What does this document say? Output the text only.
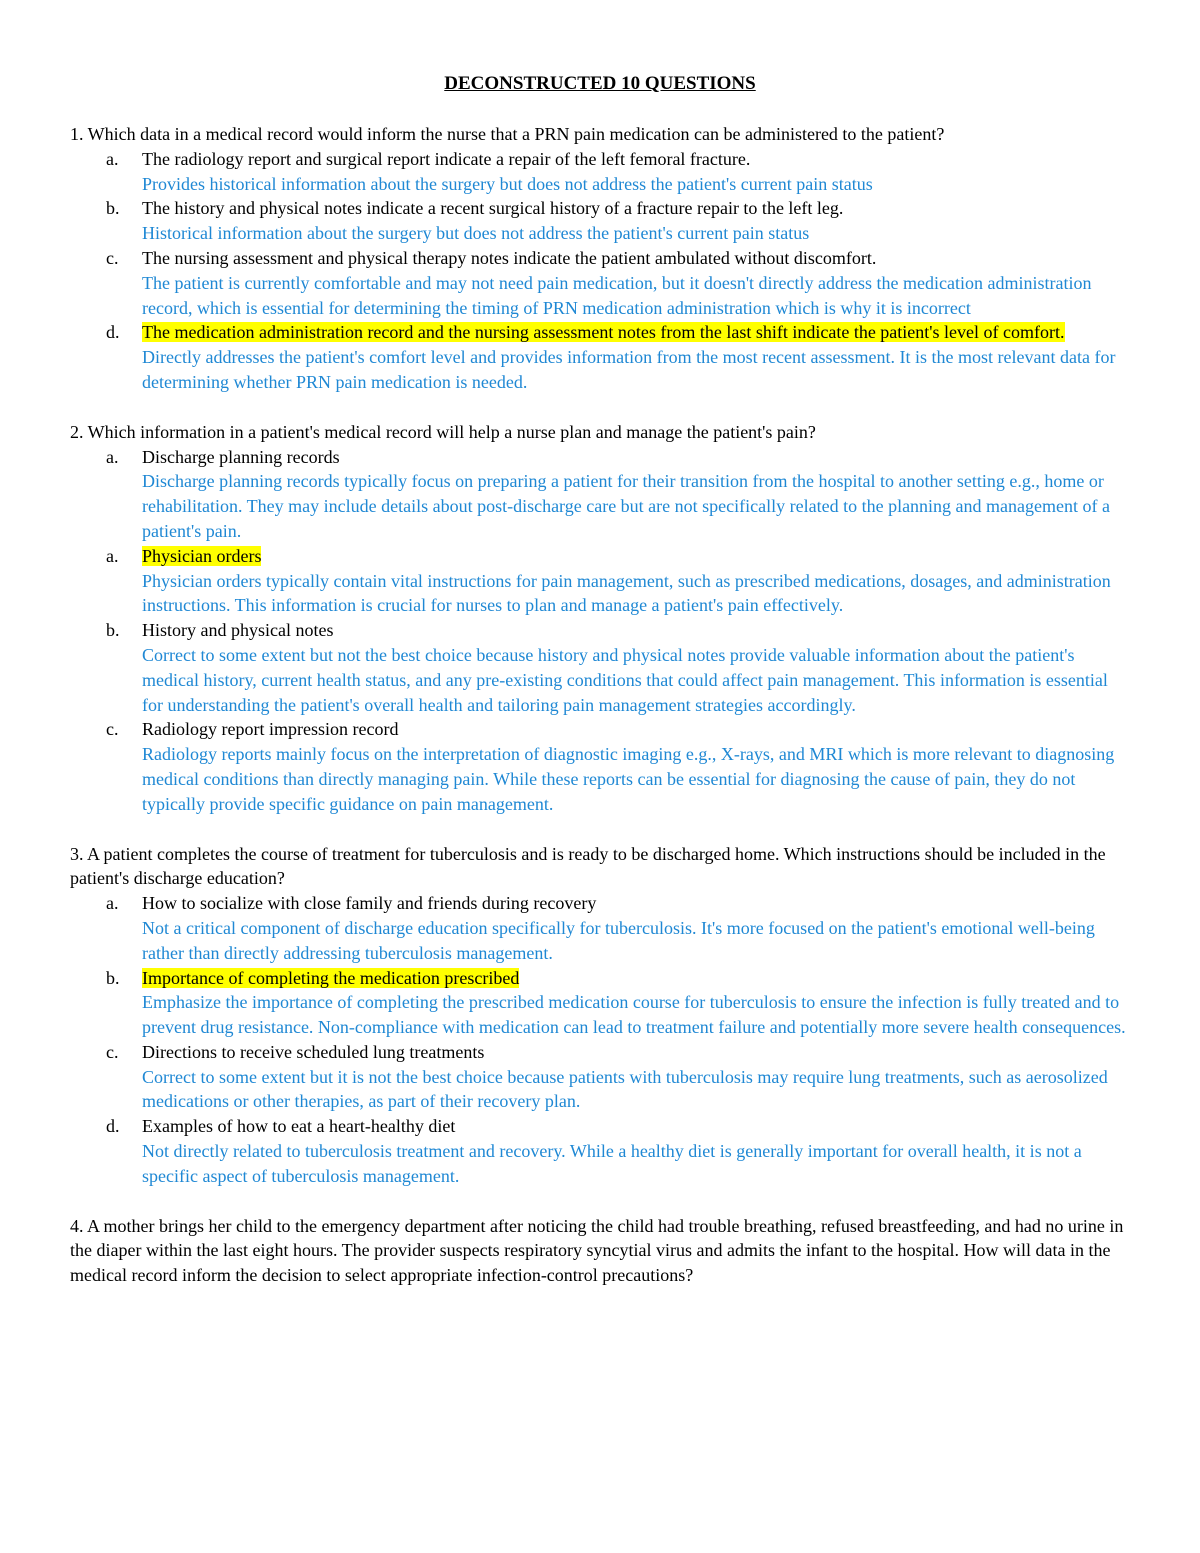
DECONSTRUCTED 10 QUESTIONS

1. Which data in a medical record would inform the nurse that a PRN pain medication can be administered to the patient?

a. The radiology report and surgical report indicate a repair of the left femoral fracture.
Provides historical information about the surgery but does not address the patient's current pain status
b. The history and physical notes indicate a recent surgical history of a fracture repair to the left leg.
Historical information about the surgery but does not address the patient's current pain status
c. The nursing assessment and physical therapy notes indicate the patient ambulated without discomfort.
The patient is currently comfortable and may not need pain medication, but it doesn't directly address the medication administration record, which is essential for determining the timing of PRN medication administration which is why it is incorrect
d. The medication administration record and the nursing assessment notes from the last shift indicate the patient's level of comfort.
Directly addresses the patient's comfort level and provides information from the most recent assessment. It is the most relevant data for determining whether PRN pain medication is needed.

2. Which information in a patient's medical record will help a nurse plan and manage the patient's pain?

a. Discharge planning records
Discharge planning records typically focus on preparing a patient for their transition from the hospital to another setting e.g., home or rehabilitation. They may include details about post-discharge care but are not specifically related to the planning and management of a patient's pain.
a. Physician orders
Physician orders typically contain vital instructions for pain management, such as prescribed medications, dosages, and administration instructions. This information is crucial for nurses to plan and manage a patient's pain effectively.
b. History and physical notes
Correct to some extent but not the best choice because history and physical notes provide valuable information about the patient's medical history, current health status, and any pre-existing conditions that could affect pain management. This information is essential for understanding the patient's overall health and tailoring pain management strategies accordingly.
c. Radiology report impression record
Radiology reports mainly focus on the interpretation of diagnostic imaging e.g., X-rays, and MRI which is more relevant to diagnosing medical conditions than directly managing pain. While these reports can be essential for diagnosing the cause of pain, they do not typically provide specific guidance on pain management.

3. A patient completes the course of treatment for tuberculosis and is ready to be discharged home. Which instructions should be included in the patient's discharge education?

a. How to socialize with close family and friends during recovery
Not a critical component of discharge education specifically for tuberculosis. It's more focused on the patient's emotional well-being rather than directly addressing tuberculosis management.
b. Importance of completing the medication prescribed
Emphasize the importance of completing the prescribed medication course for tuberculosis to ensure the infection is fully treated and to prevent drug resistance. Non-compliance with medication can lead to treatment failure and potentially more severe health consequences.
c. Directions to receive scheduled lung treatments
Correct to some extent but it is not the best choice because patients with tuberculosis may require lung treatments, such as aerosolized medications or other therapies, as part of their recovery plan.
d. Examples of how to eat a heart-healthy diet
Not directly related to tuberculosis treatment and recovery. While a healthy diet is generally important for overall health, it is not a specific aspect of tuberculosis management.

4. A mother brings her child to the emergency department after noticing the child had trouble breathing, refused breastfeeding, and had no urine in the diaper within the last eight hours. The provider suspects respiratory syncytial virus and admits the infant to the hospital. How will data in the medical record inform the decision to select appropriate infection-control precautions?
